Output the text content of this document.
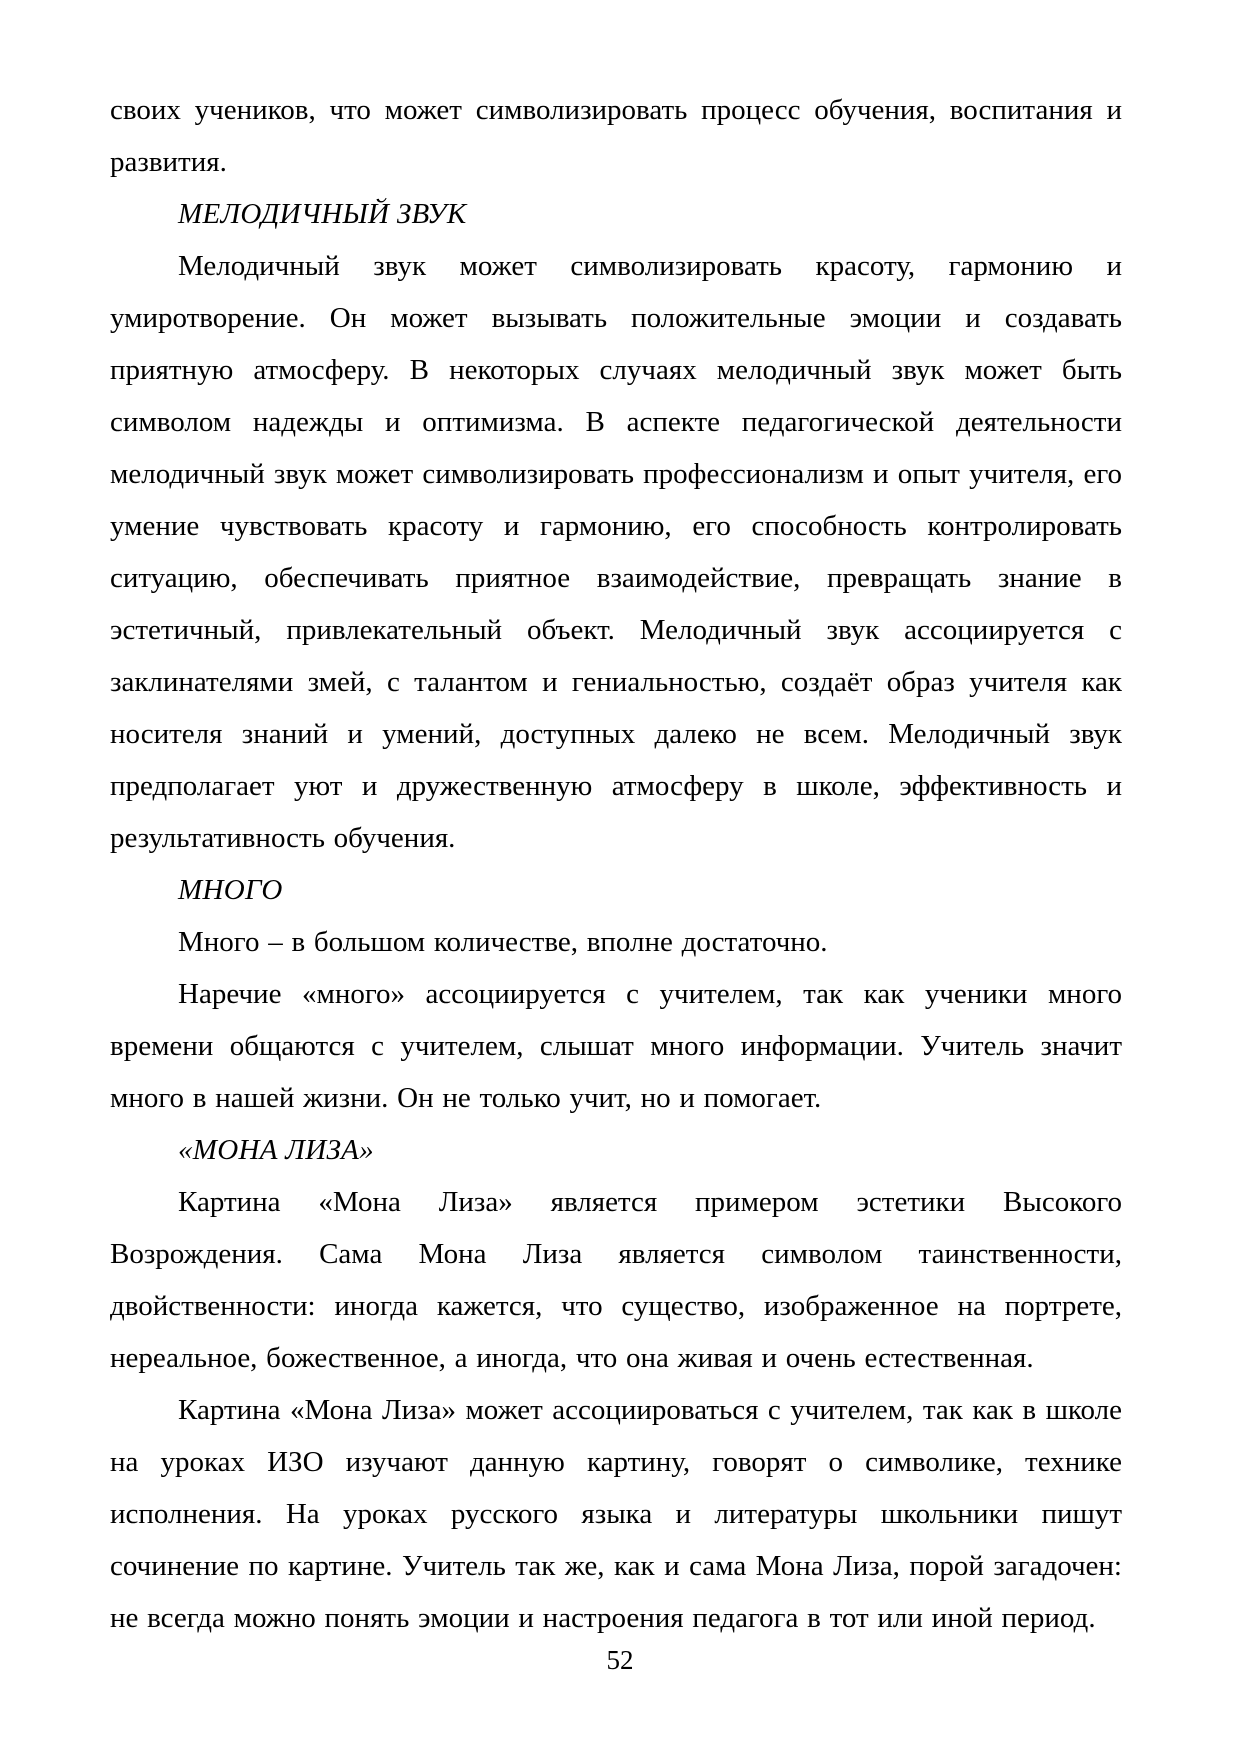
своих учеников, что может символизировать процесс обучения, воспитания и развития.

МЕЛОДИЧНЫЙ ЗВУК

Мелодичный звук может символизировать красоту, гармонию и умиротворение. Он может вызывать положительные эмоции и создавать приятную атмосферу. В некоторых случаях мелодичный звук может быть символом надежды и оптимизма. В аспекте педагогической деятельности мелодичный звук может символизировать профессионализм и опыт учителя, его умение чувствовать красоту и гармонию, его способность контролировать ситуацию, обеспечивать приятное взаимодействие, превращать знание в эстетичный, привлекательный объект. Мелодичный звук ассоциируется с заклинателями змей, с талантом и гениальностью, создаёт образ учителя как носителя знаний и умений, доступных далеко не всем. Мелодичный звук предполагает уют и дружественную атмосферу в школе, эффективность и результативность обучения.

МНОГО

Много – в большом количестве, вполне достаточно.

Наречие «много» ассоциируется с учителем, так как ученики много времени общаются с учителем, слышат много информации. Учитель значит много в нашей жизни. Он не только учит, но и помогает.

«МОНА ЛИЗА»

Картина «Мона Лиза» является примером эстетики Высокого Возрождения. Сама Мона Лиза является символом таинственности, двойственности: иногда кажется, что существо, изображенное на портрете, нереальное, божественное, а иногда, что она живая и очень естественная.

Картина «Мона Лиза» может ассоциироваться с учителем, так как в школе на уроках ИЗО изучают данную картину, говорят о символике, технике исполнения. На уроках русского языка и литературы школьники пишут сочинение по картине. Учитель так же, как и сама Мона Лиза, порой загадочен: не всегда можно понять эмоции и настроения педагога в тот или иной период.

52
